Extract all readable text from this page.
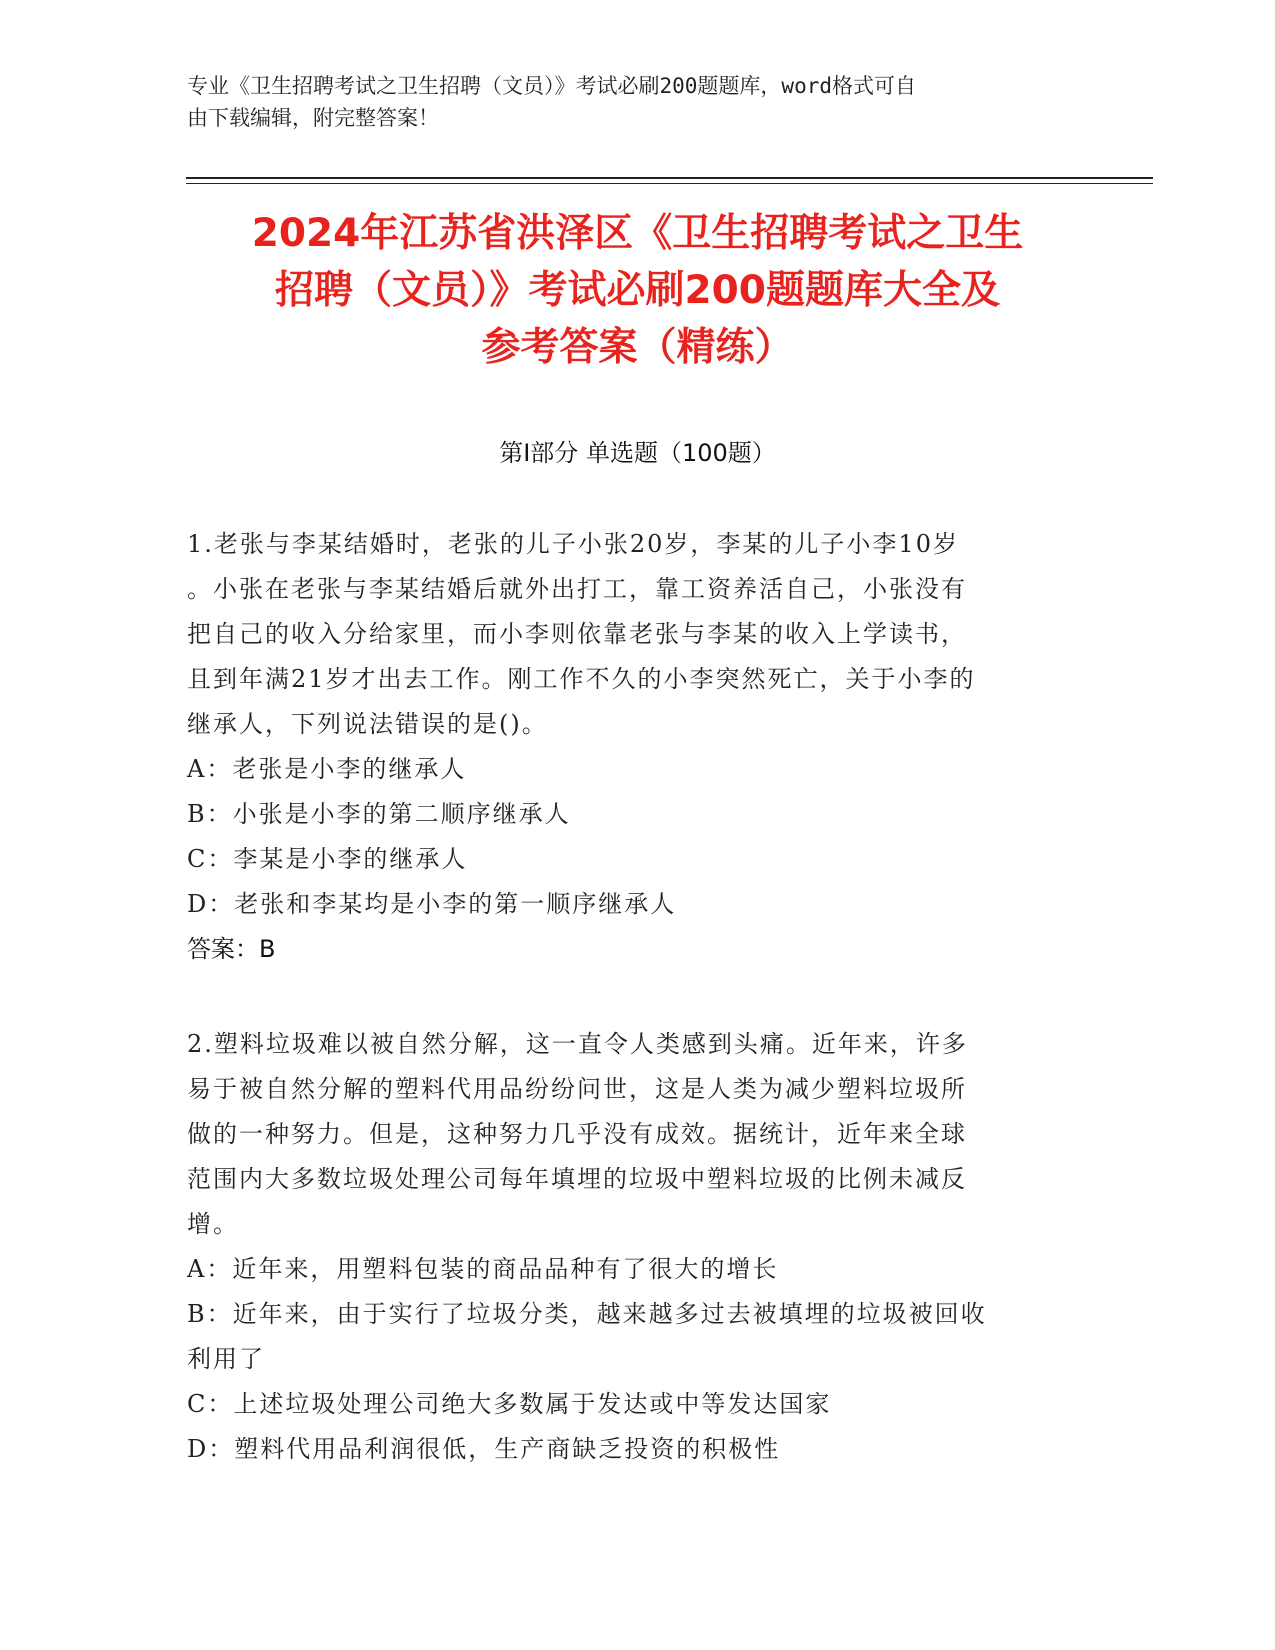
专业《卫生招聘考试之卫生招聘（文员）》考试必刷200题题库，word格式可自
由下载编辑，附完整答案！
2024年江苏省洪泽区《卫生招聘考试之卫生
招聘（文员）》考试必刷200题题库大全及
参考答案（精练）
第Ⅰ部分 单选题（100题）

1.老张与李某结婚时，老张的儿子小张20岁，李某的儿子小李10岁

。小张在老张与李某结婚后就外出打工，靠工资养活自己，小张没有

把自己的收入分给家里，而小李则依靠老张与李某的收入上学读书，

且到年满21岁才出去工作。刚工作不久的小李突然死亡，关于小李的

继承人，下列说法错误的是()。

A：老张是小李的继承人

B：小张是小李的第二顺序继承人

C：李某是小李的继承人

D：老张和李某均是小李的第一顺序继承人

答案：B

2.塑料垃圾难以被自然分解，这一直令人类感到头痛。近年来，许多

易于被自然分解的塑料代用品纷纷问世，这是人类为减少塑料垃圾所

做的一种努力。但是，这种努力几乎没有成效。据统计，近年来全球

范围内大多数垃圾处理公司每年填埋的垃圾中塑料垃圾的比例未减反

增。

A：近年来，用塑料包装的商品品种有了很大的增长

B：近年来，由于实行了垃圾分类，越来越多过去被填埋的垃圾被回收

利用了

C：上述垃圾处理公司绝大多数属于发达或中等发达国家

D：塑料代用品利润很低，生产商缺乏投资的积极性
